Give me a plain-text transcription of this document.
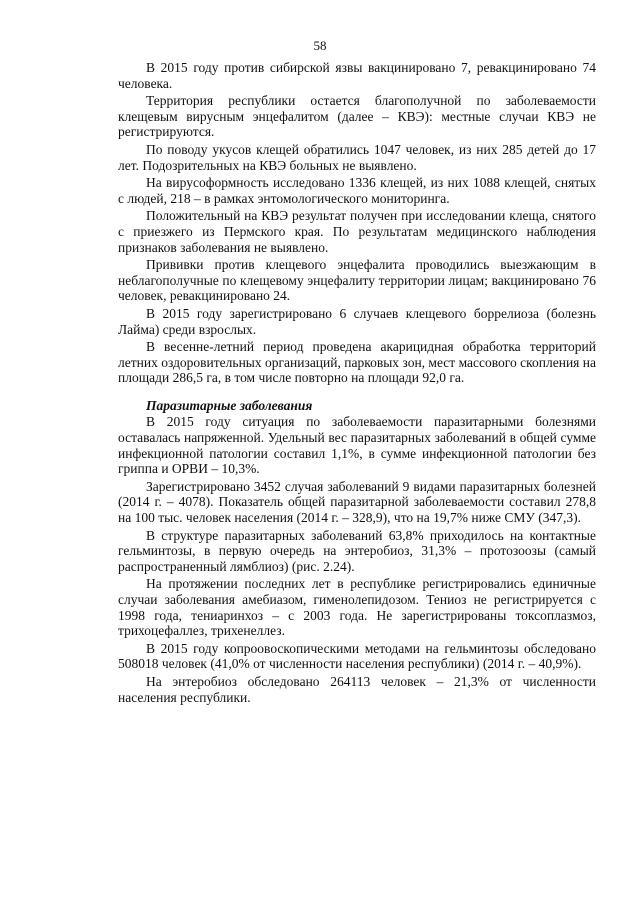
58

В 2015 году против сибирской язвы вакцинировано 7, ревакцинировано 74 человека.

Территория республики остается благополучной по заболеваемости клещевым вирусным энцефалитом (далее – КВЭ): местные случаи КВЭ не регистрируются.

По поводу укусов клещей обратились 1047 человек, из них 285 детей до 17 лет. Подозрительных на КВЭ больных не выявлено.

На вирусоформность исследовано 1336 клещей, из них 1088 клещей, снятых с людей, 218 – в рамках энтомологического мониторинга.

Положительный на КВЭ результат получен при исследовании клеща, снятого с приезжего из Пермского края. По результатам медицинского наблюдения признаков заболевания не выявлено.

Прививки против клещевого энцефалита проводились выезжающим в неблагополучные по клещевому энцефалиту территории лицам; вакцинировано 76 человек, ревакцинировано 24.

В 2015 году зарегистрировано 6 случаев клещевого боррелиоза (болезнь Лайма) среди взрослых.

В весенне-летний период проведена акарицидная обработка территорий летних оздоровительных организаций, парковых зон, мест массового скопления на площади 286,5 га, в том числе повторно на площади 92,0 га.

Паразитарные заболевания

В 2015 году ситуация по заболеваемости паразитарными болезнями оставалась напряженной. Удельный вес паразитарных заболеваний в общей сумме инфекционной патологии составил 1,1%, в сумме инфекционной патологии без гриппа и ОРВИ – 10,3%.

Зарегистрировано 3452 случая заболеваний 9 видами паразитарных болезней (2014 г. – 4078). Показатель общей паразитарной заболеваемости составил 278,8 на 100 тыс. человек населения (2014 г. – 328,9), что на 19,7% ниже СМУ (347,3).

В структуре паразитарных заболеваний 63,8% приходилось на контактные гельминтозы, в первую очередь на энтеробиоз, 31,3% – протозоозы (самый распространенный лямблиоз) (рис. 2.24).

На протяжении последних лет в республике регистрировались единичные случаи заболевания амебиазом, гименолепидозом. Тениоз не регистрируется с 1998 года, тениаринхоз – с 2003 года. Не зарегистрированы токсоплазмоз, трихоцефаллез, трихенеллез.

В 2015 году копроовоскопическими методами на гельминтозы обследовано 508018 человек (41,0% от численности населения республики) (2014 г. – 40,9%).

На энтеробиоз обследовано 264113 человек – 21,3% от численности населения республики.
